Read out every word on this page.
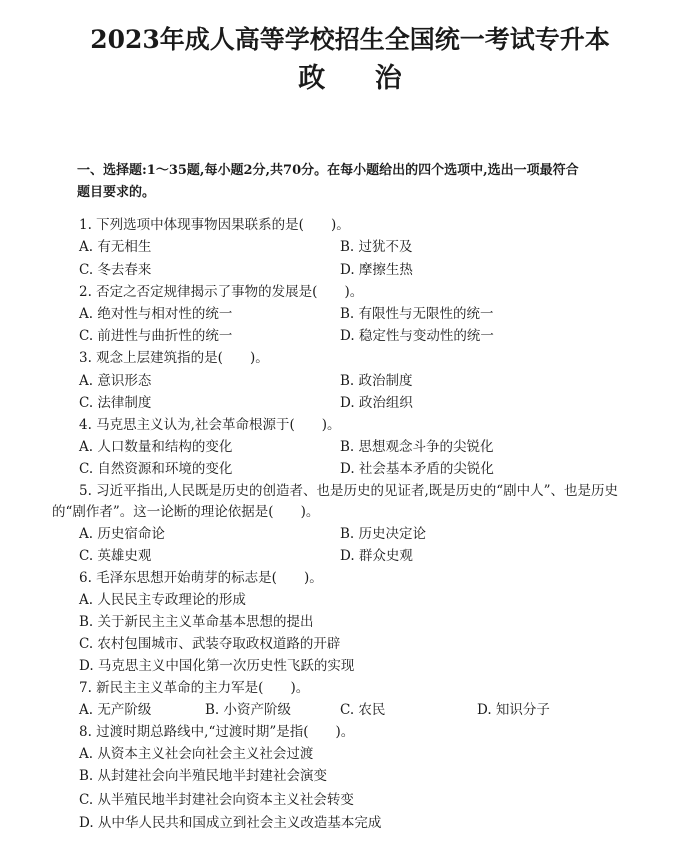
2023年成人高等学校招生全国统一考试专升本
政 治
一、选择题:1～35题,每小题2分,共70分。在每小题给出的四个选项中,选出一项最符合
题目要求的。
1. 下列选项中体现事物因果联系的是(　　)。
A. 有无相生	B. 过犹不及
C. 冬去春来	D. 摩擦生热
2. 否定之否定规律揭示了事物的发展是(　　)。
A. 绝对性与相对性的统一	B. 有限性与无限性的统一
C. 前进性与曲折性的统一	D. 稳定性与变动性的统一
3. 观念上层建筑指的是(　　)。
A. 意识形态	B. 政治制度
C. 法律制度	D. 政治组织
4. 马克思主义认为,社会革命根源于(　　)。
A. 人口数量和结构的变化	B. 思想观念斗争的尖锐化
C. 自然资源和环境的变化	D. 社会基本矛盾的尖锐化
5. 习近平指出,人民既是历史的创造者、也是历史的见证者,既是历史的“剧中人”、也是历史
的“剧作者”。这一论断的理论依据是(　　)。
A. 历史宿命论	B. 历史决定论
C. 英雄史观	D. 群众史观
6. 毛泽东思想开始萌芽的标志是(　　)。
A. 人民民主专政理论的形成
B. 关于新民主主义革命基本思想的提出
C. 农村包围城市、武装夺取政权道路的开辟
D. 马克思主义中国化第一次历史性飞跃的实现
7. 新民主主义革命的主力军是(　　)。
A. 无产阶级	B. 小资产阶级	C. 农民	D. 知识分子
8. 过渡时期总路线中,“过渡时期”是指(　　)。
A. 从资本主义社会向社会主义社会过渡
B. 从封建社会向半殖民地半封建社会演变
C. 从半殖民地半封建社会向资本主义社会转变
D. 从中华人民共和国成立到社会主义改造基本完成
